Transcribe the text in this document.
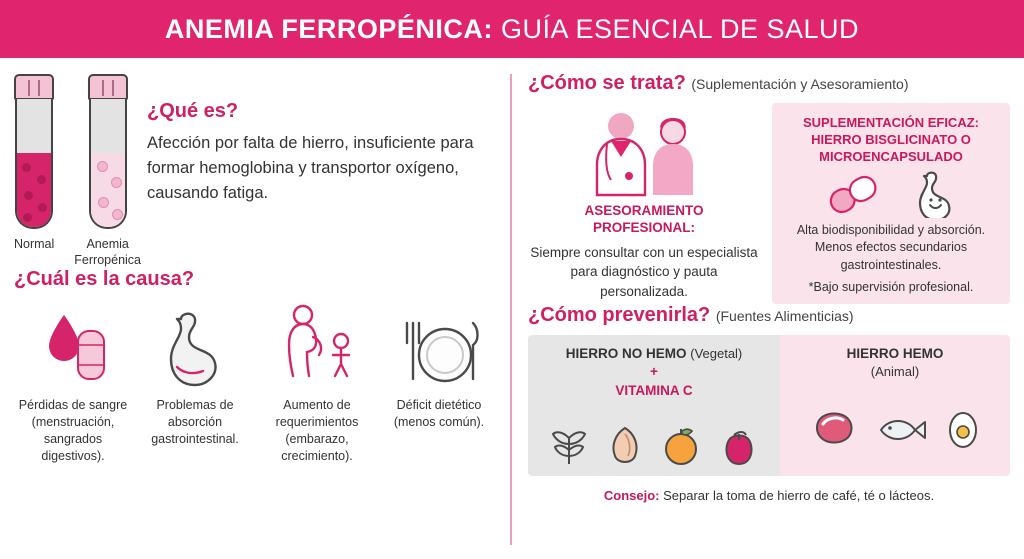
ANEMIA FERROPÉNICA: GUÍA ESENCIAL DE SALUD
Normal	Anemia
Ferropénica
¿Qué es?

Afección por falta de hierro, insuficiente para formar hemoglobina y transportor oxígeno, causando fatiga.

¿Cuál es la causa?
Pérdidas de sangre (menstruación, sangrados digestivos).
Problemas de absorción gastrointestinal.
Aumento de requerimientos (embarazo, crecimiento).
Déficit dietético (menos común).
¿Cómo se trata? (Suplementación y Asesoramiento)
ASESORAMIENTO
PROFESIONAL:
Siempre consultar con un especialista para diagnóstico y pauta personalizada.
SUPLEMENTACIÓN EFICAZ:
HIERRO BISGLICINATO O
MICROENCAPSULADO
Alta biodisponibilidad y absorción.
Menos efectos secundarios
gastrointestinales.
*Bajo supervisión profesional.
¿Cómo prevenirla? (Fuentes Alimenticias)
HIERRO NO HEMO (Vegetal)
+
VITAMINA C
HIERRO HEMO
(Animal)
Consejo: Separar la toma de hierro de café, té o lácteos.
